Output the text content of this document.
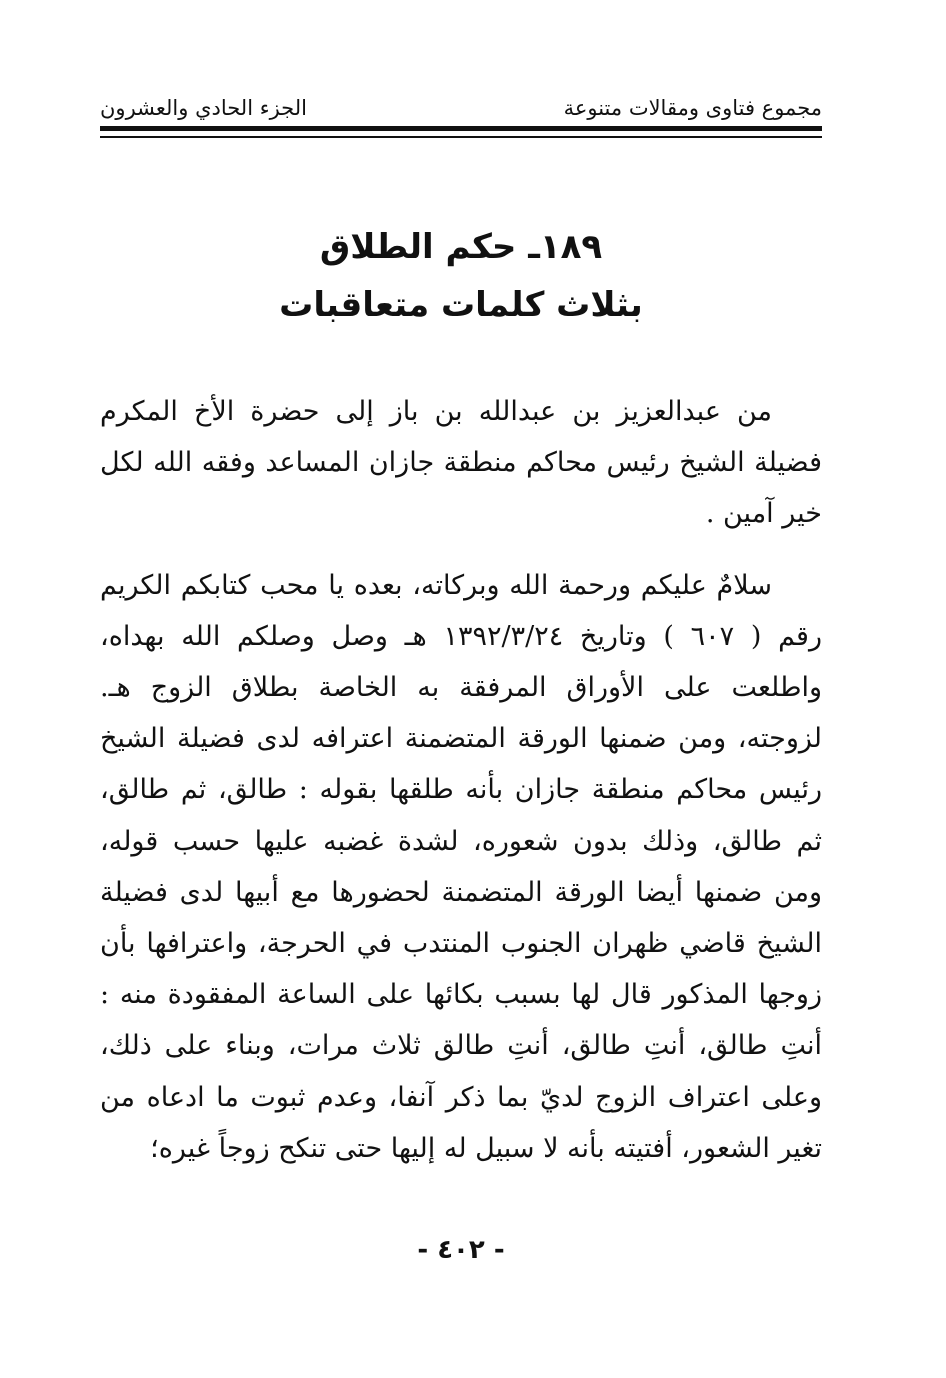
مجموع فتاوى ومقالات متنوعة
الجزء الحادي والعشرون
١٨٩ـ حكم الطلاق
بثلاث كلمات متعاقبات

من عبدالعزيز بن عبدالله بن باز إلى حضرة الأخ المكرم فضيلة الشيخ رئيس محاكم منطقة جازان المساعد وفقه الله لكل خير آمين .

سلامٌ عليكم ورحمة الله وبركاته، بعده يا محب كتابكم الكريم رقم ( ٦٠٧ ) وتاريخ ١٣٩٢/٣/٢٤ هـ وصل وصلكم الله بهداه، واطلعت على الأوراق المرفقة به الخاصة بطلاق الزوج هـ. لزوجته، ومن ضمنها الورقة المتضمنة اعترافه لدى فضيلة الشيخ رئيس محاكم منطقة جازان بأنه طلقها بقوله : طالق، ثم طالق، ثم طالق، وذلك بدون شعوره، لشدة غضبه عليها حسب قوله، ومن ضمنها أيضا الورقة المتضمنة لحضورها مع أبيها لدى فضيلة الشيخ قاضي ظهران الجنوب المنتدب في الحرجة، واعترافها بأن زوجها المذكور قال لها بسبب بكائها على الساعة المفقودة منه : أنتِ طالق، أنتِ طالق، أنتِ طالق ثلاث مرات، وبناء على ذلك، وعلى اعتراف الزوج لديّ بما ذكر آنفا، وعدم ثبوت ما ادعاه من تغير الشعور، أفتيته بأنه لا سبيل له إليها حتى تنكح زوجاً غيره؛

- ٤٠٢ -
